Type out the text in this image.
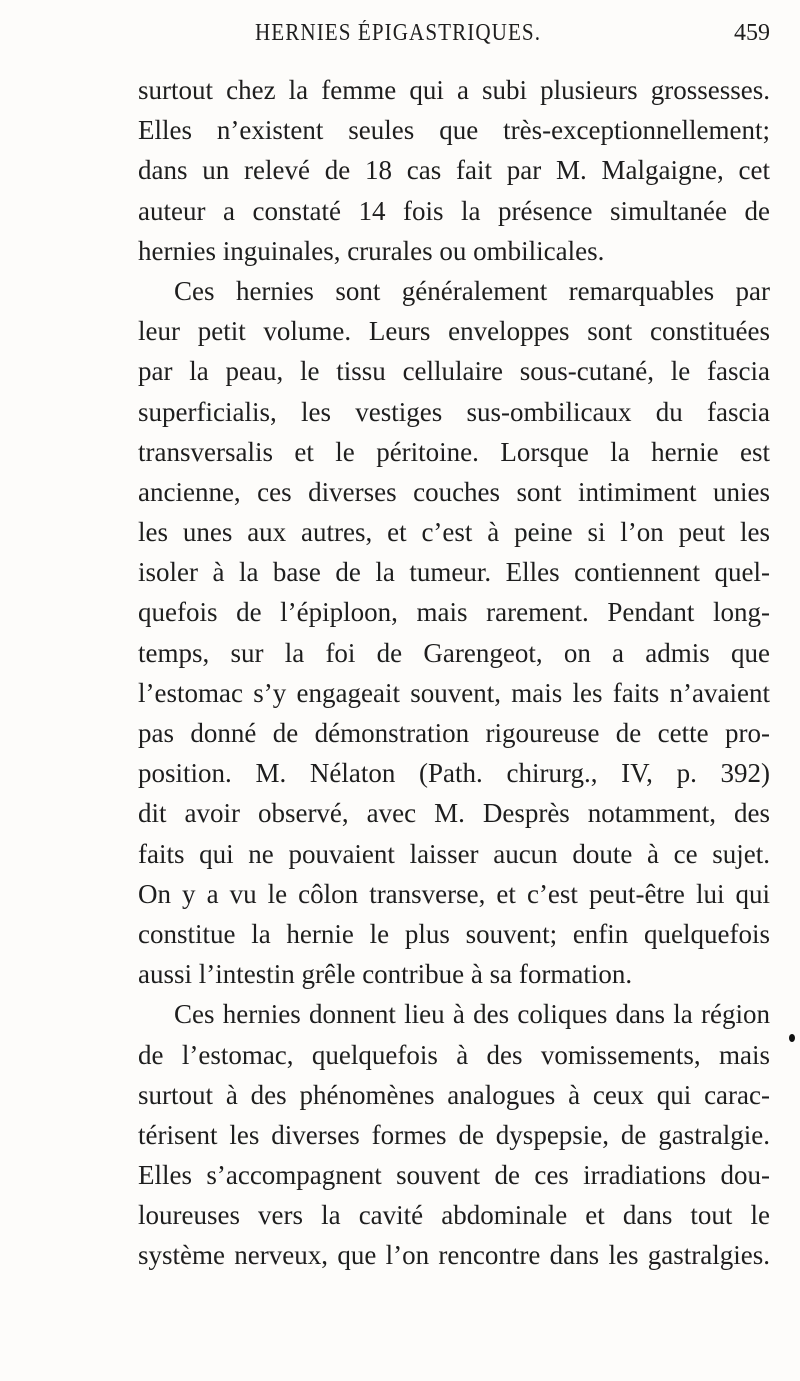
HERNIES ÉPIGASTRIQUES.	459
surtout chez la femme qui a subi plusieurs grossesses.
Elles n’existent seules que très-exceptionnellement;
dans un relevé de 18 cas fait par M. Malgaigne, cet
auteur a constaté 14 fois la présence simultanée de
hernies inguinales, crurales ou ombilicales.
Ces hernies sont généralement remarquables par
leur petit volume. Leurs enveloppes sont constituées
par la peau, le tissu cellulaire sous-cutané, le fascia
superficialis, les vestiges sus-ombilicaux du fascia
transversalis et le péritoine. Lorsque la hernie est
ancienne, ces diverses couches sont intimiment unies
les unes aux autres, et c’est à peine si l’on peut les
isoler à la base de la tumeur. Elles contiennent quel-
quefois de l’épiploon, mais rarement. Pendant long-
temps, sur la foi de Garengeot, on a admis que
l’estomac s’y engageait souvent, mais les faits n’avaient
pas donné de démonstration rigoureuse de cette pro-
position. M. Nélaton (Path. chirurg., IV, p. 392)
dit avoir observé, avec M. Desprès notamment, des
faits qui ne pouvaient laisser aucun doute à ce sujet.
On y a vu le côlon transverse, et c’est peut-être lui qui
constitue la hernie le plus souvent; enfin quelquefois
aussi l’intestin grêle contribue à sa formation.
Ces hernies donnent lieu à des coliques dans la région
de l’estomac, quelquefois à des vomissements, mais
surtout à des phénomènes analogues à ceux qui carac-
térisent les diverses formes de dyspepsie, de gastralgie.
Elles s’accompagnent souvent de ces irradiations dou-
loureuses vers la cavité abdominale et dans tout le
système nerveux, que l’on rencontre dans les gastralgies.
